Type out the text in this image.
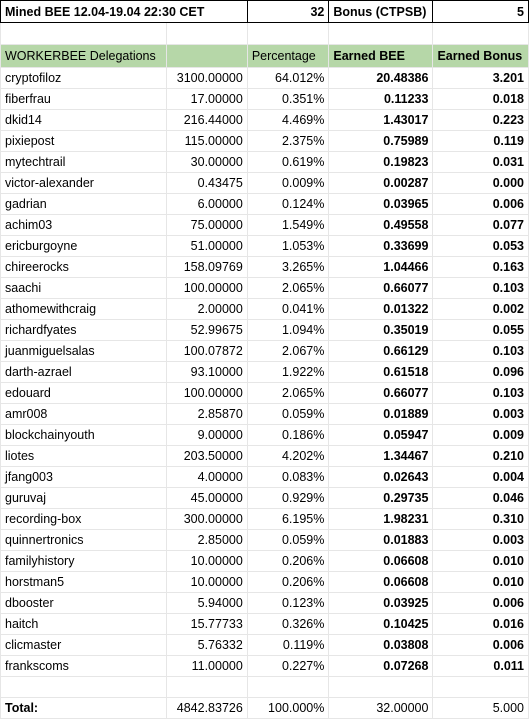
Mined BEE 12.04-19.04 22:30 CET		32	Bonus (CTPSB)	5

WORKERBEE Delegations		Percentage	Earned BEE	Earned Bonus
cryptofiloz	3100.00000	64.012%	20.48386	3.201
fiberfrau	17.00000	0.351%	0.11233	0.018
dkid14	216.44000	4.469%	1.43017	0.223
pixiepost	115.00000	2.375%	0.75989	0.119
mytechtrail	30.00000	0.619%	0.19823	0.031
victor-alexander	0.43475	0.009%	0.00287	0.000
gadrian	6.00000	0.124%	0.03965	0.006
achim03	75.00000	1.549%	0.49558	0.077
ericburgoyne	51.00000	1.053%	0.33699	0.053
chireerocks	158.09769	3.265%	1.04466	0.163
saachi	100.00000	2.065%	0.66077	0.103
athomewithcraig	2.00000	0.041%	0.01322	0.002
richardfyates	52.99675	1.094%	0.35019	0.055
juanmiguelsalas	100.07872	2.067%	0.66129	0.103
darth-azrael	93.10000	1.922%	0.61518	0.096
edouard	100.00000	2.065%	0.66077	0.103
amr008	2.85870	0.059%	0.01889	0.003
blockchainyouth	9.00000	0.186%	0.05947	0.009
liotes	203.50000	4.202%	1.34467	0.210
jfang003	4.00000	0.083%	0.02643	0.004
guruvaj	45.00000	0.929%	0.29735	0.046
recording-box	300.00000	6.195%	1.98231	0.310
quinnertronics	2.85000	0.059%	0.01883	0.003
familyhistory	10.00000	0.206%	0.06608	0.010
horstman5	10.00000	0.206%	0.06608	0.010
dbooster	5.94000	0.123%	0.03925	0.006
haitch	15.77733	0.326%	0.10425	0.016
clicmaster	5.76332	0.119%	0.03808	0.006
frankscoms	11.00000	0.227%	0.07268	0.011

Total:	4842.83726	100.000%	32.00000	5.000
